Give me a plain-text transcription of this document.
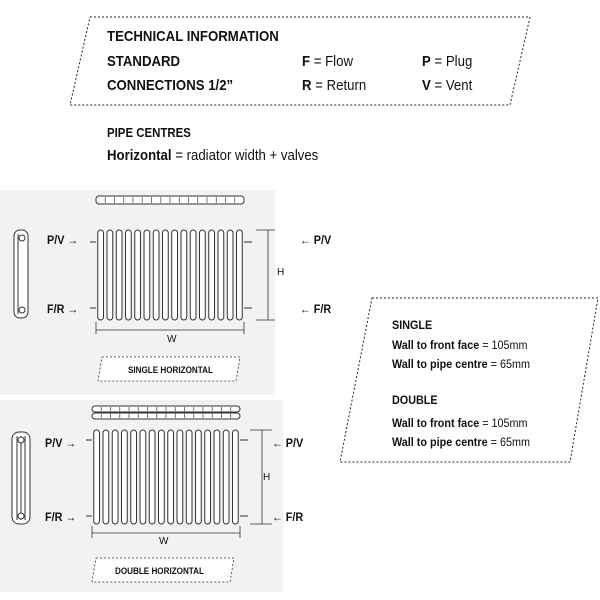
TECHNICAL INFORMATION
STANDARD
CONNECTIONS 1/2”
F = Flow
R = Return
P = Plug
V = Vent
PIPE CENTRES
Horizontal = radiator width + valves
P/V →
F/R →
← P/V
← F/R
H
W
SINGLE HORIZONTAL
P/V →
F/R →
← P/V
← F/R
H
W
DOUBLE HORIZONTAL
SINGLE
Wall to front face = 105mm
Wall to pipe centre = 65mm
DOUBLE
Wall to front face = 105mm
Wall to pipe centre = 65mm
